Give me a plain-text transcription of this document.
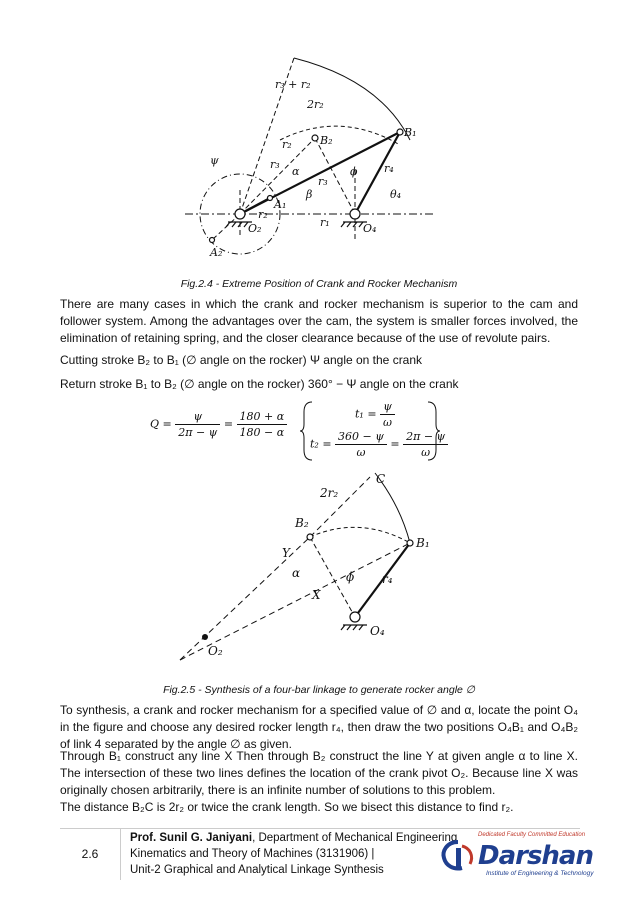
r₃ + r₂
2r₂
B₁
B₂
r₄
r₂
r₃
ψ
α	ϕ
r₃
β	θ₄
A₁
r₂
O₂	r₁	O₄
A₂
Fig.2.4 - Extreme Position of Crank and Rocker Mechanism

There are many cases in which the crank and rocker mechanism is superior to the cam and follower system. Among the advantages over the cam, the system is smaller forces involved, the elimination of retaining spring, and the closer clearance because of the use of revolute pairs.

Cutting stroke B₂ to B₁ (∅ angle on the rocker) Ψ angle on the crank

Return stroke B₁ to B₂ (∅ angle on the rocker) 360° − Ψ angle on the crank

$Q = \frac{\psi}{2\pi - \psi} = \frac{180 + \alpha}{180 - \alpha}$	$t_1 = \frac{\psi}{\omega}$
$t_2 = \frac{360 - \psi}{\omega} = \frac{2\pi - \psi}{\omega}$
2r₂
C
B₂
B₁
Y
α	ϕ r₄
X
O₄
O₂
Fig.2.5 - Synthesis of a four-bar linkage to generate rocker angle ∅

To synthesis, a crank and rocker mechanism for a specified value of ∅ and α, locate the point O₄ in the figure and choose any desired rocker length r₄, then draw the two positions O₄B₁ and O₄B₂ of link 4 separated by the angle ∅ as given.

Through B₁ construct any line X Then through B₂ construct the line Y at given angle α to line X. The intersection of these two lines defines the location of the crank pivot O₂. Because line X was originally chosen arbitrarily, there is an infinite number of solutions to this problem.

The distance B₂C is 2r₂ or twice the crank length. So we bisect this distance to find r₂.

2.6
Prof. Sunil G. Janiyani, Department of Mechanical Engineering
Kinematics and Theory of Machines (3131906) |
Unit-2 Graphical and Analytical Linkage Synthesis
Dedicated Faculty Committed Education
Darshan
Institute of Engineering & Technology
